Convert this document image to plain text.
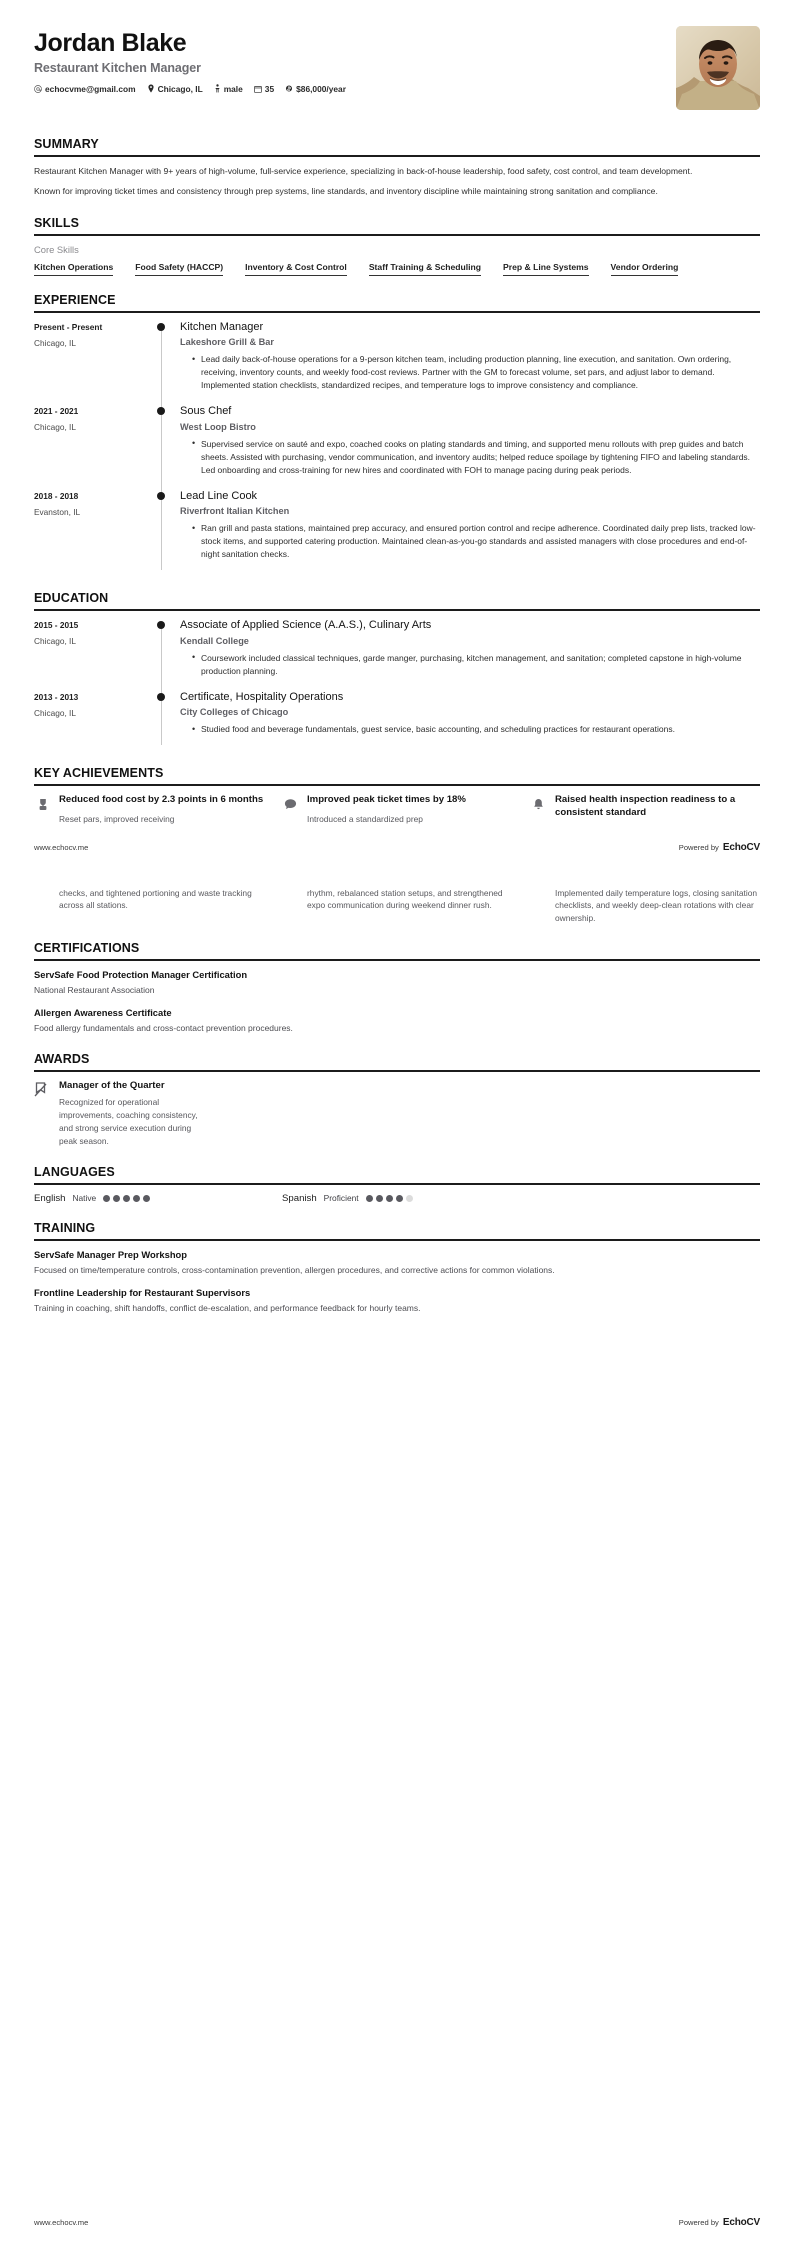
Jordan Blake
Restaurant Kitchen Manager
echocvme@gmail.com	Chicago, IL	male	35	$86,000/year
SUMMARY

Restaurant Kitchen Manager with 9+ years of high-volume, full-service experience, specializing in back-of-house leadership, food safety, cost control, and team development.

Known for improving ticket times and consistency through prep systems, line standards, and inventory discipline while maintaining strong sanitation and compliance.

SKILLS
Core Skills
Kitchen Operations	Food Safety (HACCP)	Inventory & Cost Control	Staff Training & Scheduling	Prep & Line Systems	Vendor Ordering
EXPERIENCE
Present - Present
Chicago, IL
Kitchen Manager
Lakeshore Grill & Bar
• Lead daily back-of-house operations for a 9-person kitchen team, including production planning, line execution, and sanitation. Own ordering, receiving, inventory counts, and weekly food-cost reviews. Partner with the GM to forecast volume, set pars, and adjust labor to demand. Implemented station checklists, standardized recipes, and temperature logs to improve consistency and compliance.
2021 - 2021
Chicago, IL
Sous Chef
West Loop Bistro
• Supervised service on sauté and expo, coached cooks on plating standards and timing, and supported menu rollouts with prep guides and batch sheets. Assisted with purchasing, vendor communication, and inventory audits; helped reduce spoilage by tightening FIFO and labeling standards. Led onboarding and cross-training for new hires and coordinated with FOH to manage pacing during peak periods.
2018 - 2018
Evanston, IL
Lead Line Cook
Riverfront Italian Kitchen
• Ran grill and pasta stations, maintained prep accuracy, and ensured portion control and recipe adherence. Coordinated daily prep lists, tracked low-stock items, and supported catering production. Maintained clean-as-you-go standards and assisted managers with close procedures and end-of-night sanitation checks.
EDUCATION
2015 - 2015
Chicago, IL
Associate of Applied Science (A.A.S.), Culinary Arts
Kendall College
• Coursework included classical techniques, garde manger, purchasing, kitchen management, and sanitation; completed capstone in high-volume production planning.
2013 - 2013
Chicago, IL
Certificate, Hospitality Operations
City Colleges of Chicago
• Studied food and beverage fundamentals, guest service, basic accounting, and scheduling practices for restaurant operations.
KEY ACHIEVEMENTS
Reduced food cost by 2.3 points in 6 months
Reset pars, improved receiving
Improved peak ticket times by 18%
Introduced a standardized prep
Raised health inspection readiness to a consistent standard
www.echocv.me	Powered by EchoCV
checks, and tightened portioning and waste tracking across all stations.
rhythm, rebalanced station setups, and strengthened expo communication during weekend dinner rush.
Implemented daily temperature logs, closing sanitation checklists, and weekly deep-clean rotations with clear ownership.
CERTIFICATIONS
ServSafe Food Protection Manager Certification
National Restaurant Association
Allergen Awareness Certificate
Food allergy fundamentals and cross-contact prevention procedures.
AWARDS
Manager of the Quarter
Recognized for operational improvements, coaching consistency, and strong service execution during peak season.
LANGUAGES
English Native	Spanish Proficient
TRAINING
ServSafe Manager Prep Workshop
Focused on time/temperature controls, cross-contamination prevention, allergen procedures, and corrective actions for common violations.
Frontline Leadership for Restaurant Supervisors
Training in coaching, shift handoffs, conflict de-escalation, and performance feedback for hourly teams.
www.echocv.me	Powered by EchoCV
